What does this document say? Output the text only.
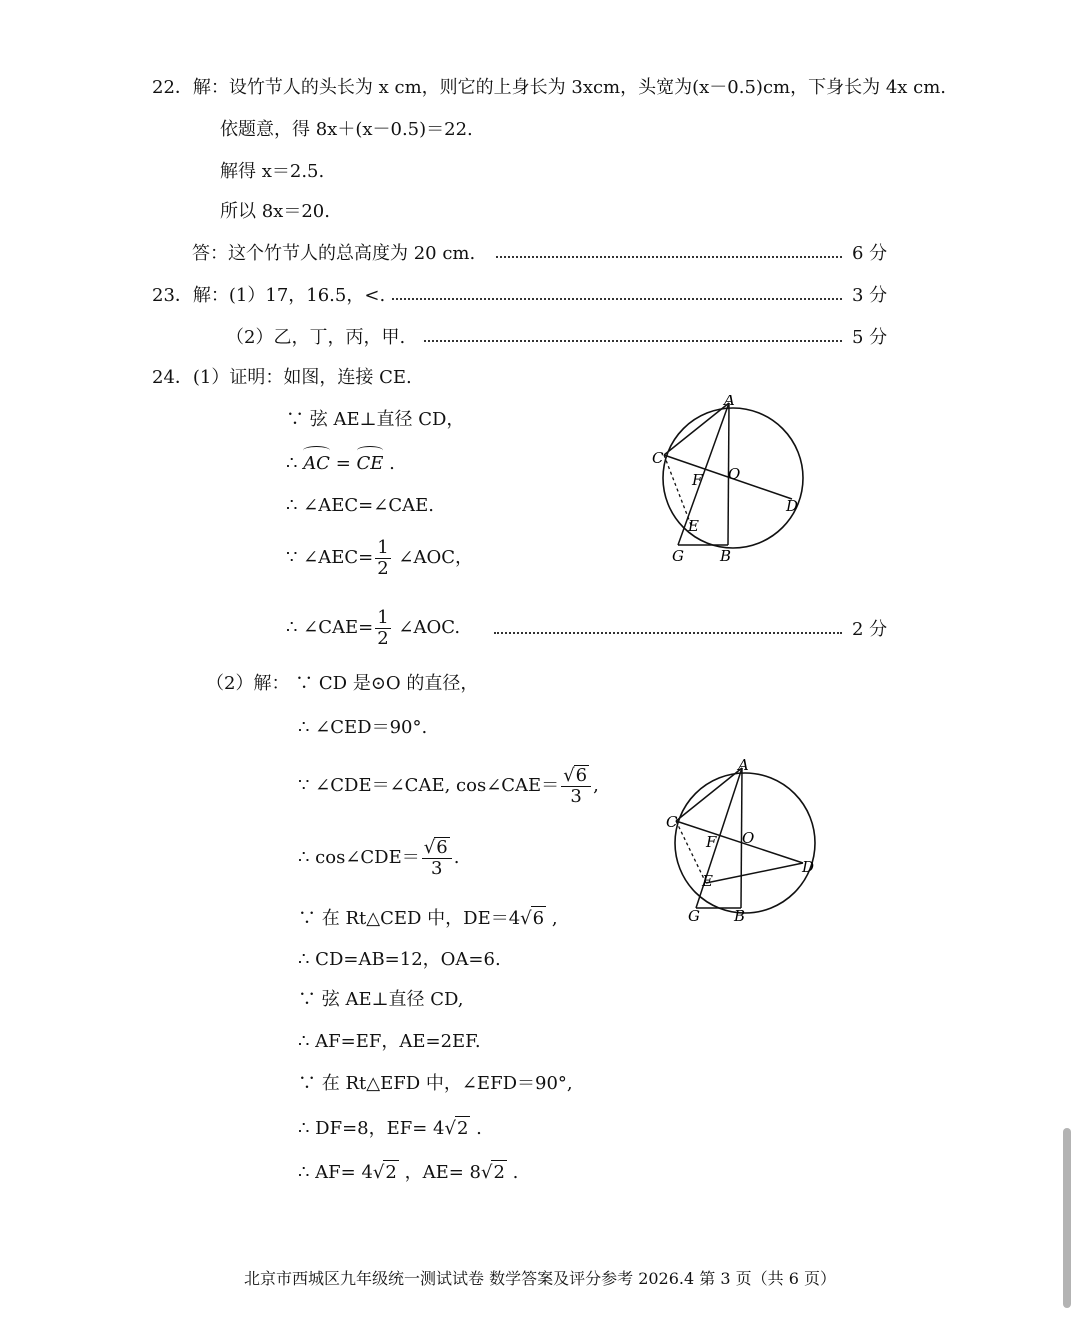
22．解：设竹节人的头长为 x cm，则它的上身长为 3xcm，头宽为(x－0.5)cm，下身长为 4x cm.
依题意，得 8x＋(x－0.5)＝22.
解得 x＝2.5.
所以 8x＝20.
答：这个竹节人的总高度为 20 cm.	6 分
23．解：(1）17，16.5，<.	3 分
（2）乙，丁，丙，甲.	5 分
24．(1）证明：如图，连接 CE.
∵ 弦 AE⊥直径 CD，
∴ AC = CE .
∴ ∠AEC=∠CAE.
∵ ∠AEC= $\frac{1}{2}$ ∠AOC，
∴ ∠CAE= $\frac{1}{2}$ ∠AOC.	2 分
A
C
F O
D
E
G B
（2）解： ∵ CD 是⊙O 的直径，
∴ ∠CED＝90°.
∵ ∠CDE＝∠CAE, cos∠CAE＝ $\frac{√6}{3}$ ,
∴ cos∠CDE＝ $\frac{√6}{3}$ .
∵ 在 Rt△CED 中，DE＝4√6 ,
∴ CD=AB=12，OA=6.
∵ 弦 AE⊥直径 CD,
∴ AF=EF，AE=2EF.
∵ 在 Rt△EFD 中，∠EFD＝90°,
∴ DF=8，EF= 4√2 .
∴ AF= 4√2 ，AE= 8√2 .
A
C
F O
D
E
G B
北京市西城区九年级统一测试试卷 数学答案及评分参考 2026.4 第 3 页（共 6 页）
